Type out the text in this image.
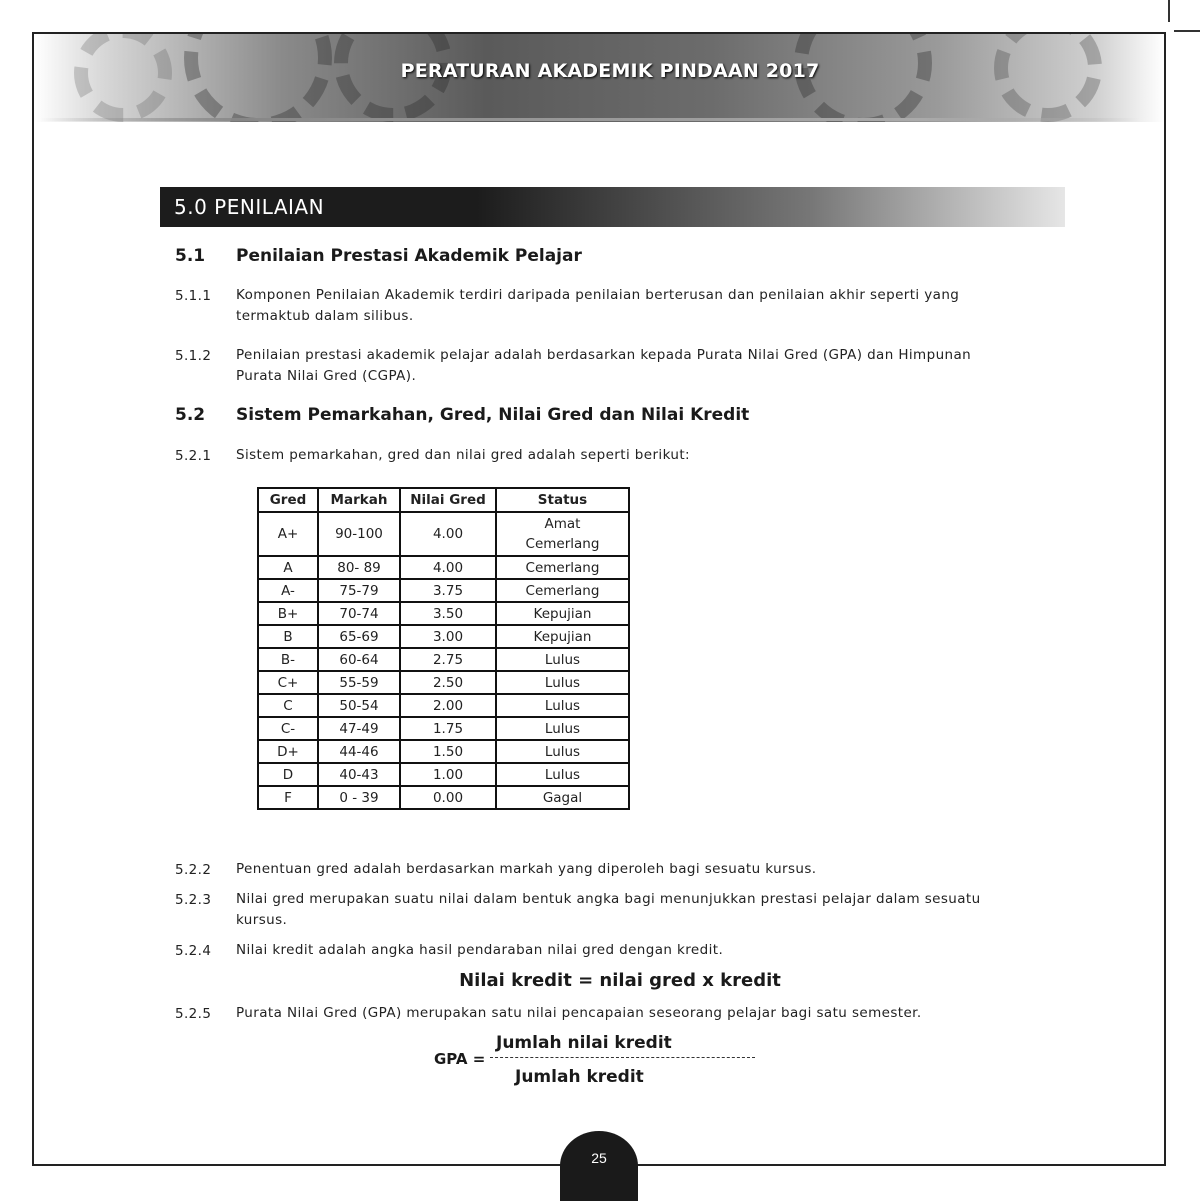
PERATURAN AKADEMIK PINDAAN 2017
5.0 PENILAIAN
5.1 Penilaian Prestasi Akademik Pelajar
5.1.1 Komponen Penilaian Akademik terdiri daripada penilaian berterusan dan penilaian akhir seperti yang
termaktub dalam silibus.
5.1.2 Penilaian prestasi akademik pelajar adalah berdasarkan kepada Purata Nilai Gred (GPA) dan Himpunan
Purata Nilai Gred (CGPA).
5.2 Sistem Pemarkahan, Gred, Nilai Gred dan Nilai Kredit
5.2.1 Sistem pemarkahan, gred dan nilai gred adalah seperti berikut:
Gred	Markah	Nilai Gred	Status
A+	90-100	4.00	Amat
Cemerlang

A	80- 89	4.00	Cemerlang
A-	75-79	3.75	Cemerlang
B+	70-74	3.50	Kepujian
B	65-69	3.00	Kepujian
B-	60-64	2.75	Lulus
C+	55-59	2.50	Lulus
C	50-54	2.00	Lulus
C-	47-49	1.75	Lulus
D+	44-46	1.50	Lulus
D	40-43	1.00	Lulus
F	0 - 39	0.00	Gagal
5.2.2 Penentuan gred adalah berdasarkan markah yang diperoleh bagi sesuatu kursus.
5.2.3 Nilai gred merupakan suatu nilai dalam bentuk angka bagi menunjukkan prestasi pelajar dalam sesuatu
kursus.
5.2.4 Nilai kredit adalah angka hasil pendaraban nilai gred dengan kredit.
Nilai kredit = nilai gred x kredit
5.2.5 Purata Nilai Gred (GPA) merupakan satu nilai pencapaian seseorang pelajar bagi satu semester.
GPA =
Jumlah nilai kredit
Jumlah kredit
25
